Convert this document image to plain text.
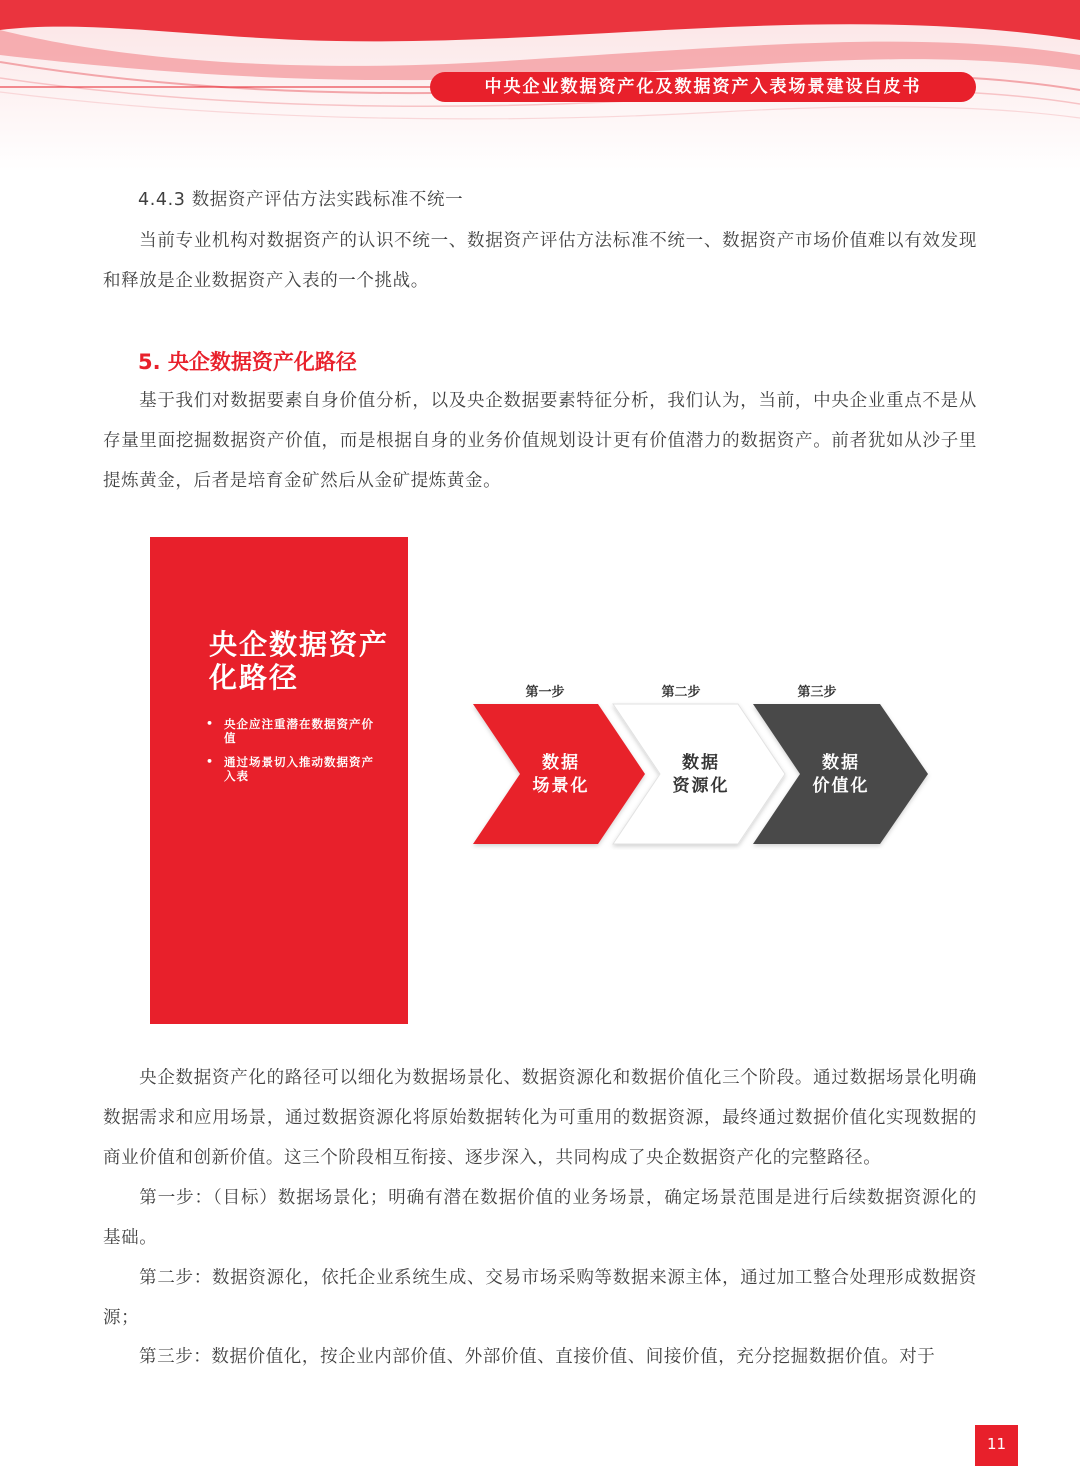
中央企业数据资产化及数据资产入表场景建设白皮书
4.4.3 数据资产评估方法实践标准不统一
当前专业机构对数据资产的认识不统一、数据资产评估方法标准不统一、数据资产市场价值难以有效发现和释放是企业数据资产入表的一个挑战。
5. 央企数据资产化路径
基于我们对数据要素自身价值分析，以及央企数据要素特征分析，我们认为，当前，中央企业重点不是从存量里面挖掘数据资产价值，而是根据自身的业务价值规划设计更有价值潜力的数据资产。前者犹如从沙子里提炼黄金，后者是培育金矿然后从金矿提炼黄金。
央企数据资产化路径
• 央企应注重潜在数据资产价值
• 通过场景切入推动数据资产入表
第一步	第二步	第三步
数据
场景化
数据
资源化
数据
价值化
央企数据资产化的路径可以细化为数据场景化、数据资源化和数据价值化三个阶段。通过数据场景化明确数据需求和应用场景，通过数据资源化将原始数据转化为可重用的数据资源，最终通过数据价值化实现数据的商业价值和创新价值。这三个阶段相互衔接、逐步深入，共同构成了央企数据资产化的完整路径。
第一步：（目标）数据场景化；明确有潜在数据价值的业务场景，确定场景范围是进行后续数据资源化的基础。
第二步：数据资源化，依托企业系统生成、交易市场采购等数据来源主体，通过加工整合处理形成数据资源；
第三步：数据价值化，按企业内部价值、外部价值、直接价值、间接价值，充分挖掘数据价值。对于
11
